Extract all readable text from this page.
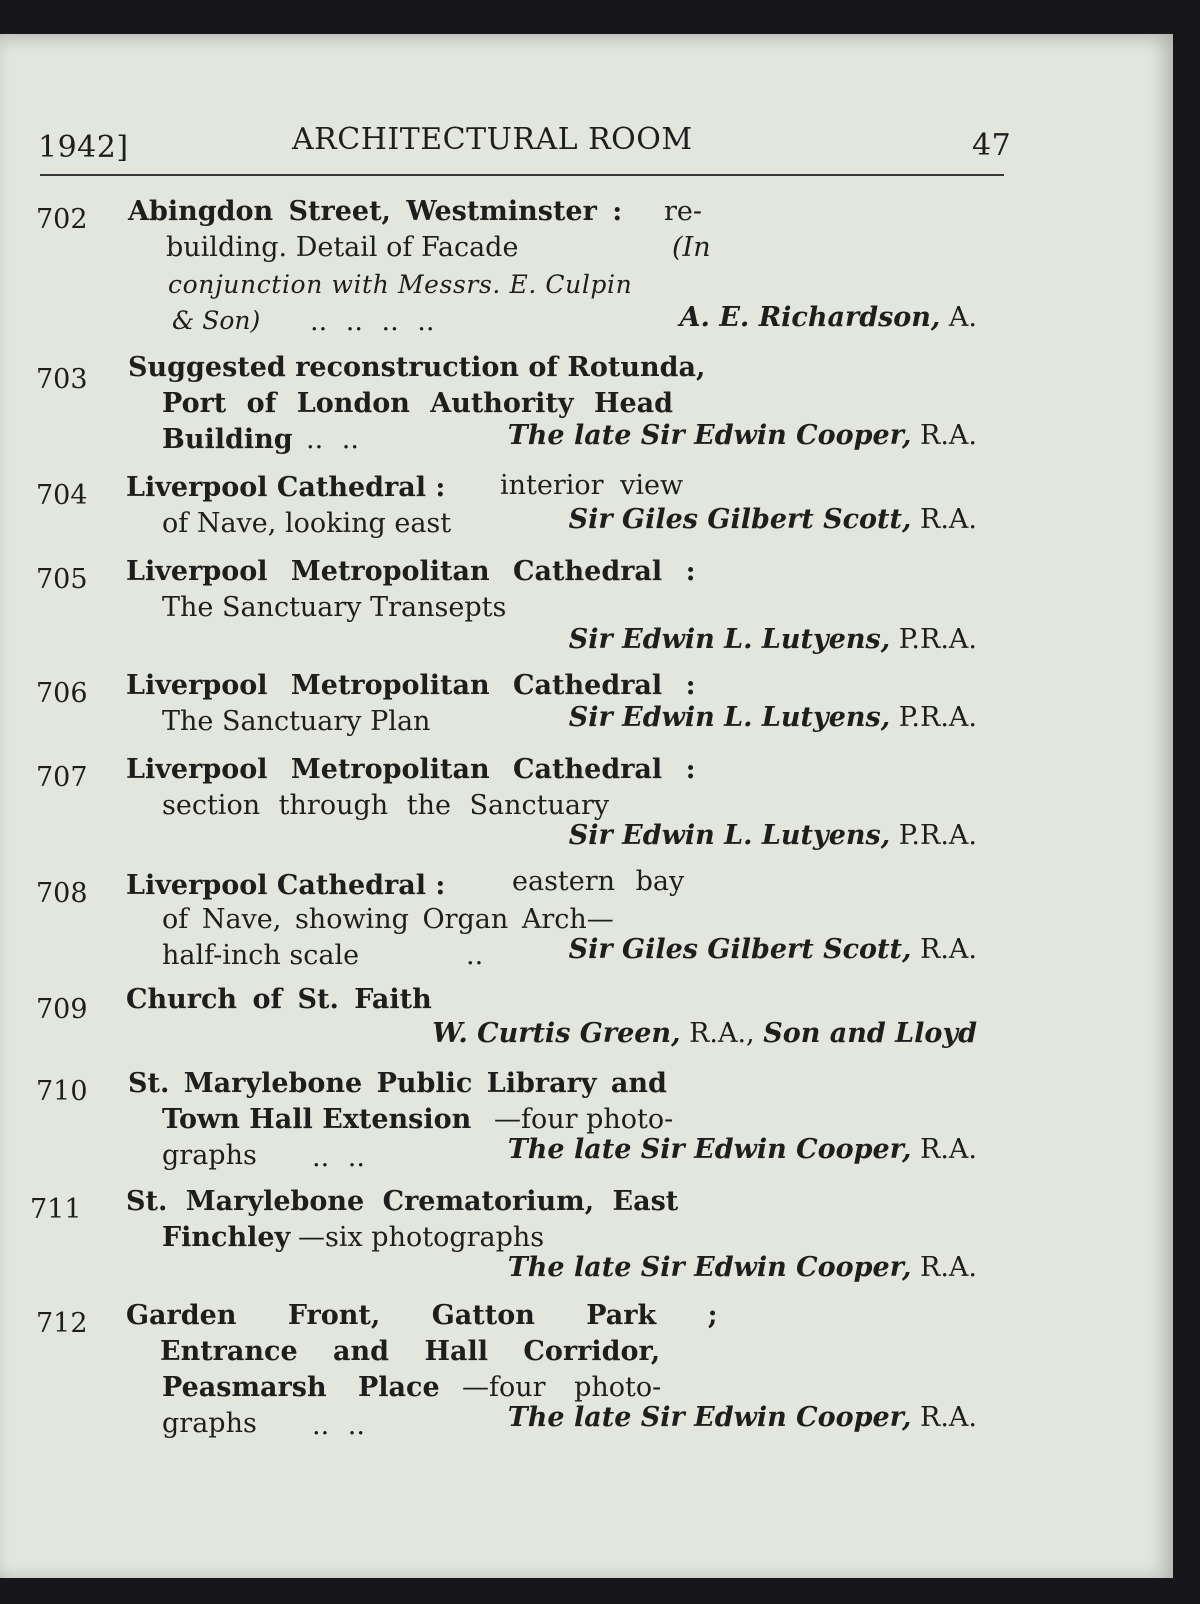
1942]	ARCHITECTURAL ROOM	47
702 Abingdon Street, Westminster : re-
building. Detail of Facade	(In
conjunction with Messrs. E. Culpin
& Son) .. .. .. ..	A. E. Richardson, A.
703 Suggested reconstruction of Rotunda,
Port of London Authority Head
Building .. ..	The late Sir Edwin Cooper, R.A.
704 Liverpool Cathedral : interior view
of Nave, looking east	Sir Giles Gilbert Scott, R.A.
705 Liverpool Metropolitan Cathedral :
The Sanctuary Transepts
Sir Edwin L. Lutyens, P.R.A.
706 Liverpool Metropolitan Cathedral :
The Sanctuary Plan	Sir Edwin L. Lutyens, P.R.A.
707 Liverpool Metropolitan Cathedral :
section through the Sanctuary
Sir Edwin L. Lutyens, P.R.A.
708 Liverpool Cathedral : eastern bay
of Nave, showing Organ Arch—
half-inch scale	..	Sir Giles Gilbert Scott, R.A.
709 Church of St. Faith
W. Curtis Green, R.A., Son and Lloyd
710 St. Marylebone Public Library and
Town Hall Extension —four photo-
graphs .. ..	The late Sir Edwin Cooper, R.A.
711 St. Marylebone Crematorium, East
Finchley —six photographs
The late Sir Edwin Cooper, R.A.
712 Garden Front, Gatton Park ;
Entrance and Hall Corridor,
Peasmarsh Place —four photo-
graphs .. ..	The late Sir Edwin Cooper, R.A.
